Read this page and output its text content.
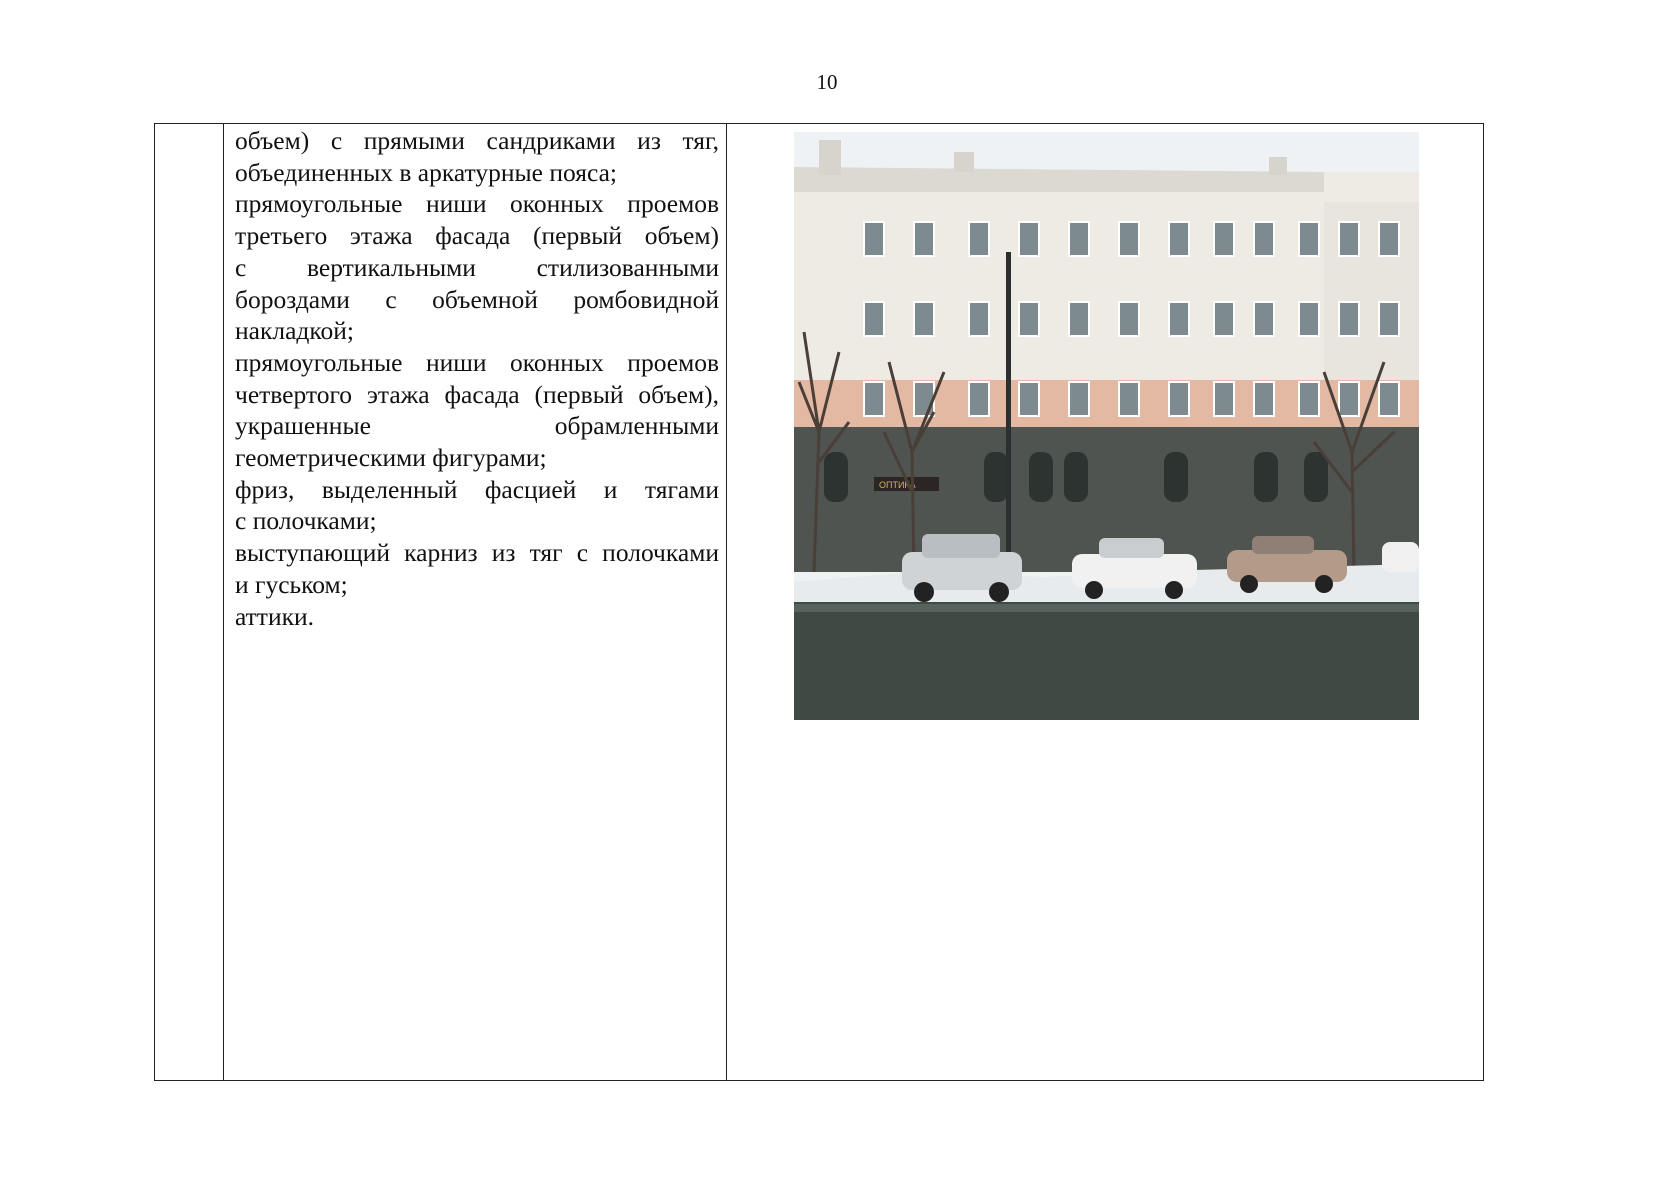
10
объем) с прямыми сандриками из тяг,
объединенных в аркатурные пояса;
прямоугольные ниши оконных проемов
третьего этажа фасада (первый объем)
с вертикальными стилизованными
бороздами с объемной ромбовидной
накладкой;
прямоугольные ниши оконных проемов
четвертого этажа фасада (первый объем),
украшенные обрамленными
геометрическими фигурами;
фриз, выделенный фасцией и тягами
с полочками;
выступающий карниз из тяг с полочками
и гуськом;
аттики.
ОПТИКА
